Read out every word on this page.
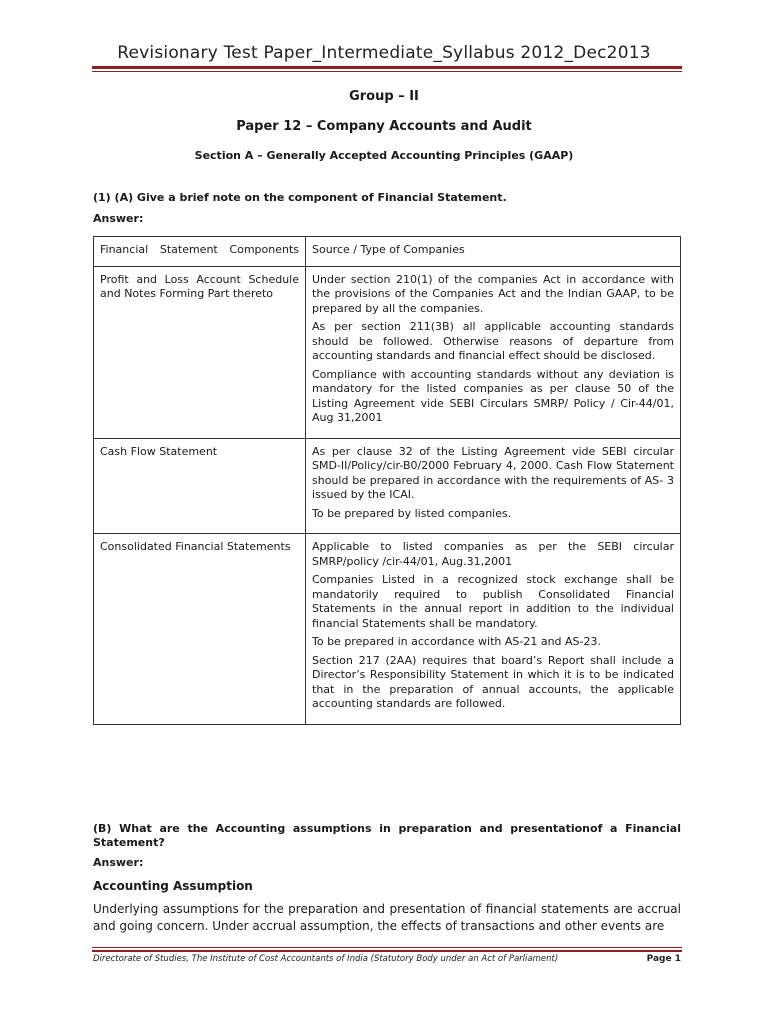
Revisionary Test Paper_Intermediate_Syllabus 2012_Dec2013
Group – II
Paper 12 – Company Accounts and Audit
Section A – Generally Accepted Accounting Principles (GAAP)
(1) (A) Give a brief note on the component of Financial Statement.
Answer:
Financial Statement Components	Source / Type of Companies
Profit and Loss Account Schedule and Notes Forming Part thereto	Under section 210(1) of the companies Act in accordance with the provisions of the Companies Act and the Indian GAAP, to be prepared by all the companies.

As per section 211(3B) all applicable accounting standards should be followed. Otherwise reasons of departure from accounting standards and financial effect should be disclosed.

Compliance with accounting standards without any deviation is mandatory for the listed companies as per clause 50 of the Listing Agreement vide SEBI Circulars SMRP/ Policy / Cir-44/01, Aug 31,2001

Cash Flow Statement	As per clause 32 of the Listing Agreement vide SEBI circular SMD-II/Policy/cir-B0/2000 February 4, 2000. Cash Flow Statement should be prepared in accordance with the requirements of AS- 3 issued by the ICAI.

To be prepared by listed companies.

Consolidated Financial Statements	Applicable to listed companies as per the SEBI circular SMRP/policy /cir-44/01, Aug.31,2001

Companies Listed in a recognized stock exchange shall be mandatorily required to publish Consolidated Financial Statements in the annual report in addition to the individual financial Statements shall be mandatory.

To be prepared in accordance with AS-21 and AS-23.

Section 217 (2AA) requires that board’s Report shall include a Director’s Responsibility Statement in which it is to be indicated that in the preparation of annual accounts, the applicable accounting standards are followed.

(B) What are the Accounting assumptions in preparation and presentationof a Financial Statement?
Answer:
Accounting Assumption
Underlying assumptions for the preparation and presentation of financial statements are accrual and going concern. Under accrual assumption, the effects of transactions and other events are
Directorate of Studies, The Institute of Cost Accountants of India (Statutory Body under an Act of Parliament)	Page 1
